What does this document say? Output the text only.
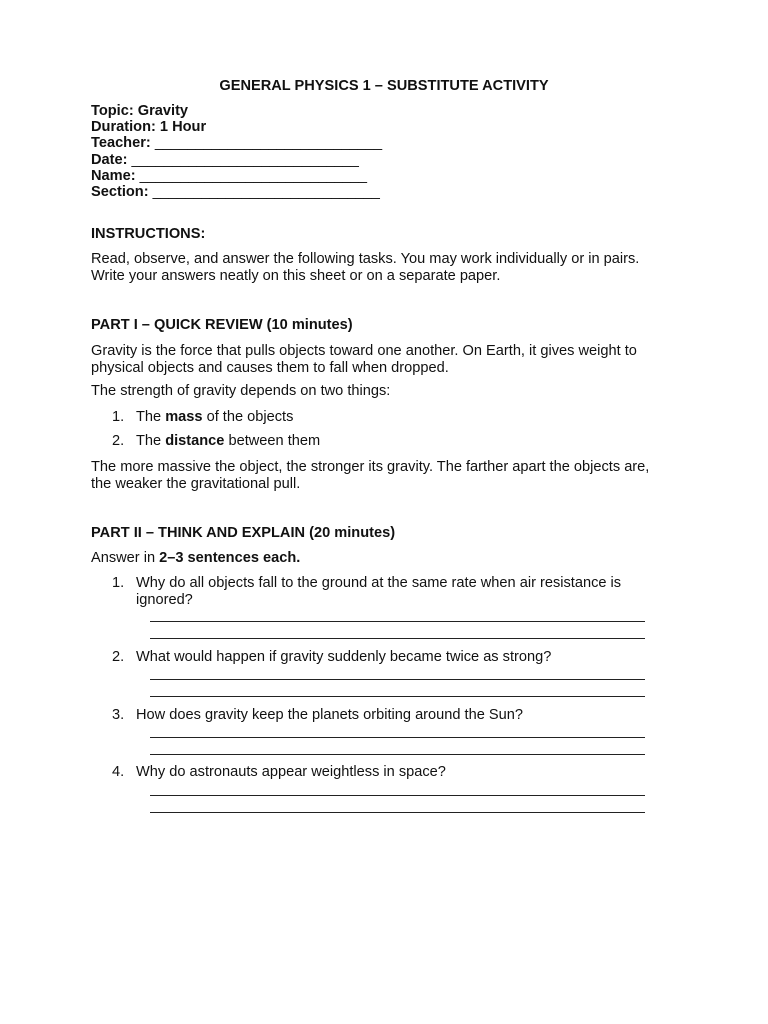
GENERAL PHYSICS 1 – SUBSTITUTE ACTIVITY
Topic: Gravity
Duration: 1 Hour
Teacher: ____________________________
Date: ____________________________
Name: ____________________________
Section: ____________________________
INSTRUCTIONS:
Read, observe, and answer the following tasks. You may work individually or in pairs.
Write your answers neatly on this sheet or on a separate paper.
PART I – QUICK REVIEW (10 minutes)
Gravity is the force that pulls objects toward one another. On Earth, it gives weight to
physical objects and causes them to fall when dropped.
The strength of gravity depends on two things:
1. The mass of the objects
2. The distance between them
The more massive the object, the stronger its gravity. The farther apart the objects are,
the weaker the gravitational pull.
PART II – THINK AND EXPLAIN (20 minutes)
Answer in 2–3 sentences each.
1. Why do all objects fall to the ground at the same rate when air resistance is
ignored?
2. What would happen if gravity suddenly became twice as strong?
3. How does gravity keep the planets orbiting around the Sun?
4. Why do astronauts appear weightless in space?
